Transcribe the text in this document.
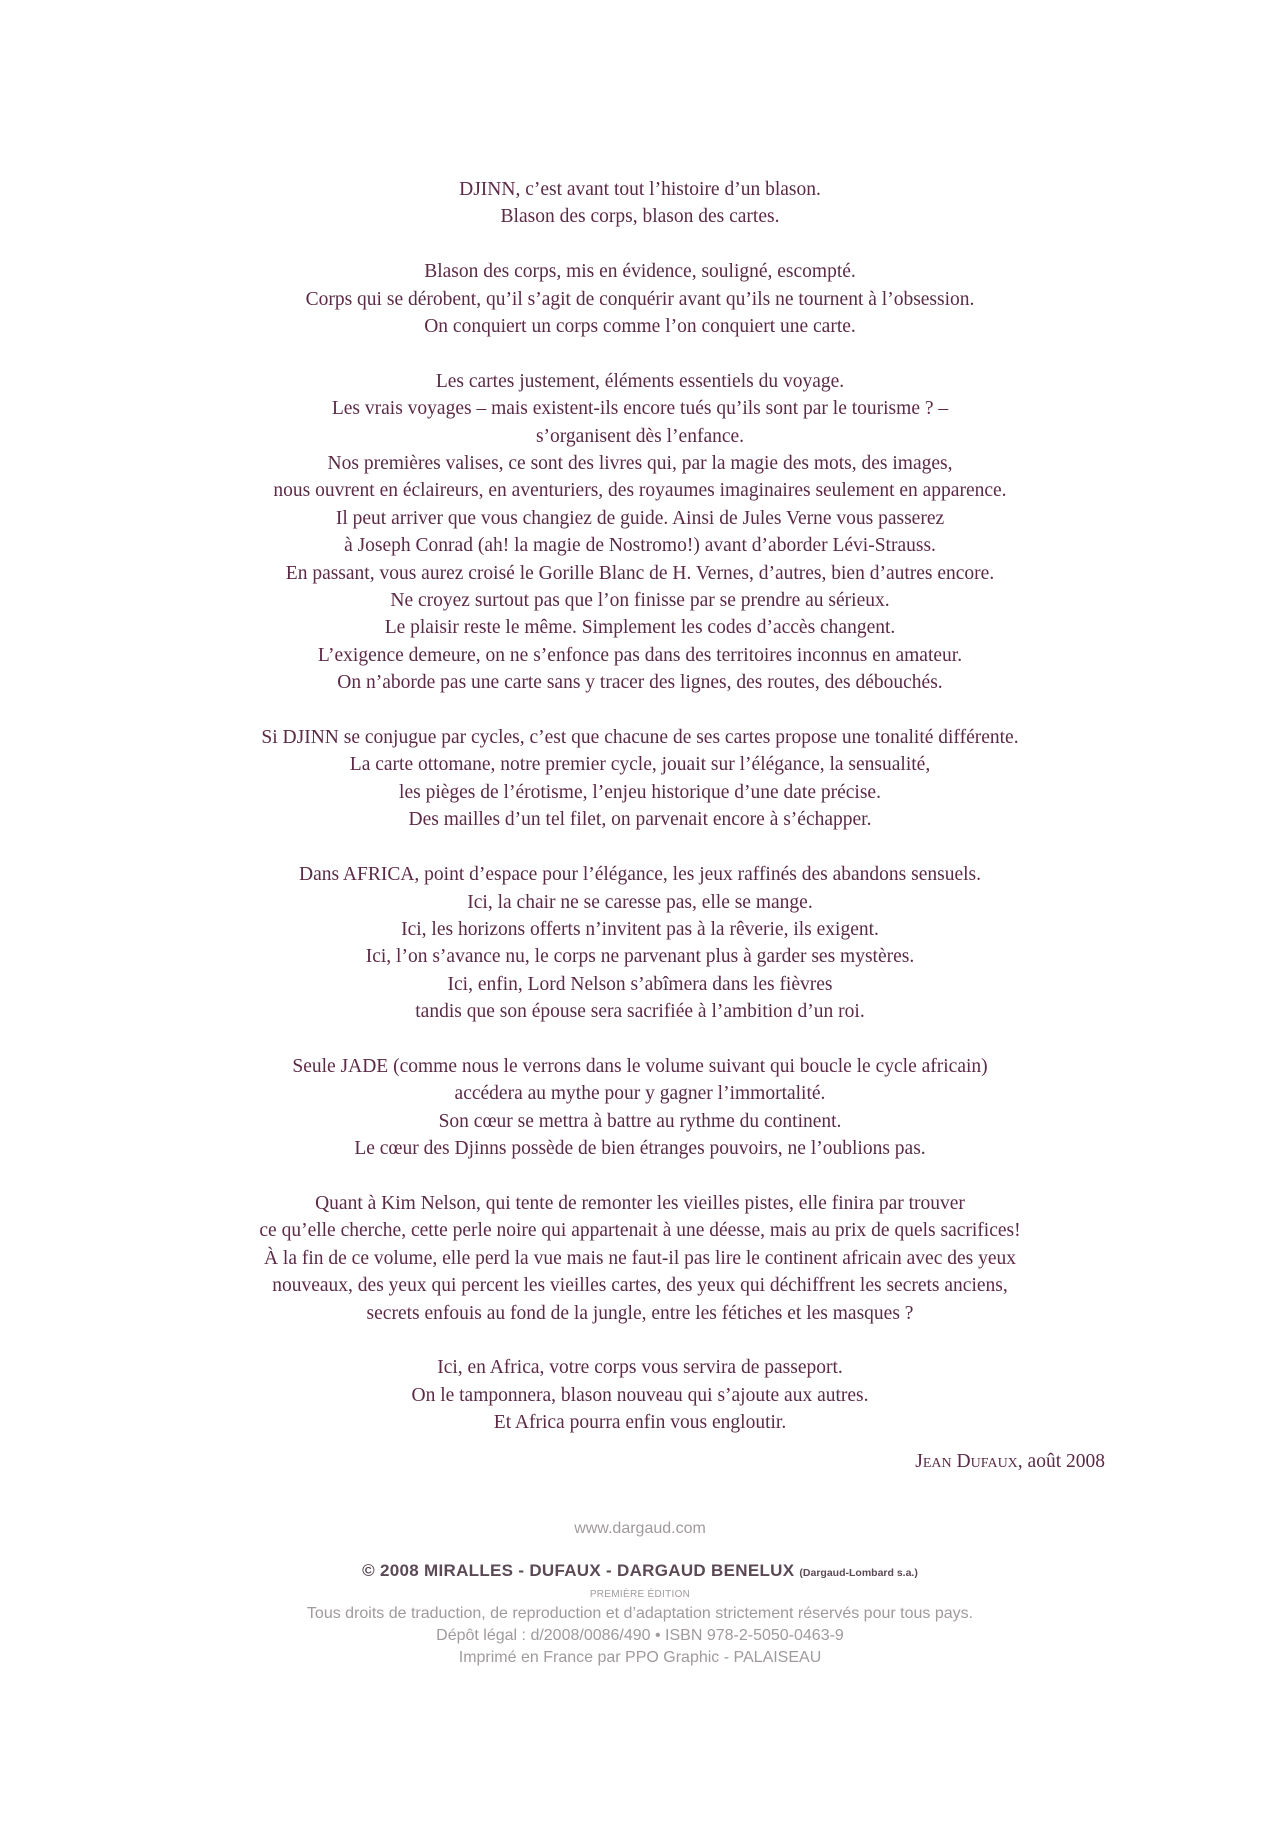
DJINN, c’est avant tout l’histoire d’un blason.
Blason des corps, blason des cartes.
Blason des corps, mis en évidence, souligné, escompté.
Corps qui se dérobent, qu’il s’agit de conquérir avant qu’ils ne tournent à l’obsession.
On conquiert un corps comme l’on conquiert une carte.
Les cartes justement, éléments essentiels du voyage.
Les vrais voyages – mais existent-ils encore tués qu’ils sont par le tourisme ? –
s’organisent dès l’enfance.
Nos premières valises, ce sont des livres qui, par la magie des mots, des images,
nous ouvrent en éclaireurs, en aventuriers, des royaumes imaginaires seulement en apparence.
Il peut arriver que vous changiez de guide. Ainsi de Jules Verne vous passerez
à Joseph Conrad (ah! la magie de Nostromo!) avant d’aborder Lévi-Strauss.
En passant, vous aurez croisé le Gorille Blanc de H. Vernes, d’autres, bien d’autres encore.
Ne croyez surtout pas que l’on finisse par se prendre au sérieux.
Le plaisir reste le même. Simplement les codes d’accès changent.
L’exigence demeure, on ne s’enfonce pas dans des territoires inconnus en amateur.
On n’aborde pas une carte sans y tracer des lignes, des routes, des débouchés.
Si DJINN se conjugue par cycles, c’est que chacune de ses cartes propose une tonalité différente.
La carte ottomane, notre premier cycle, jouait sur l’élégance, la sensualité,
les pièges de l’érotisme, l’enjeu historique d’une date précise.
Des mailles d’un tel filet, on parvenait encore à s’échapper.
Dans AFRICA, point d’espace pour l’élégance, les jeux raffinés des abandons sensuels.
Ici, la chair ne se caresse pas, elle se mange.
Ici, les horizons offerts n’invitent pas à la rêverie, ils exigent.
Ici, l’on s’avance nu, le corps ne parvenant plus à garder ses mystères.
Ici, enfin, Lord Nelson s’abîmera dans les fièvres
tandis que son épouse sera sacrifiée à l’ambition d’un roi.
Seule JADE (comme nous le verrons dans le volume suivant qui boucle le cycle africain)
accédera au mythe pour y gagner l’immortalité.
Son cœur se mettra à battre au rythme du continent.
Le cœur des Djinns possède de bien étranges pouvoirs, ne l’oublions pas.
Quant à Kim Nelson, qui tente de remonter les vieilles pistes, elle finira par trouver
ce qu’elle cherche, cette perle noire qui appartenait à une déesse, mais au prix de quels sacrifices!
À la fin de ce volume, elle perd la vue mais ne faut-il pas lire le continent africain avec des yeux
nouveaux, des yeux qui percent les vieilles cartes, des yeux qui déchiffrent les secrets anciens,
secrets enfouis au fond de la jungle, entre les fétiches et les masques ?
Ici, en Africa, votre corps vous servira de passeport.
On le tamponnera, blason nouveau qui s’ajoute aux autres.
Et Africa pourra enfin vous engloutir.
Jean Dufaux, août 2008
www.dargaud.com
© 2008 MIRALLES - DUFAUX - DARGAUD BENELUX (Dargaud-Lombard s.a.)
PREMIÈRE ÉDITION
Tous droits de traduction, de reproduction et d’adaptation strictement réservés pour tous pays.
Dépôt légal : d/2008/0086/490 • ISBN 978-2-5050-0463-9
Imprimé en France par PPO Graphic - PALAISEAU
